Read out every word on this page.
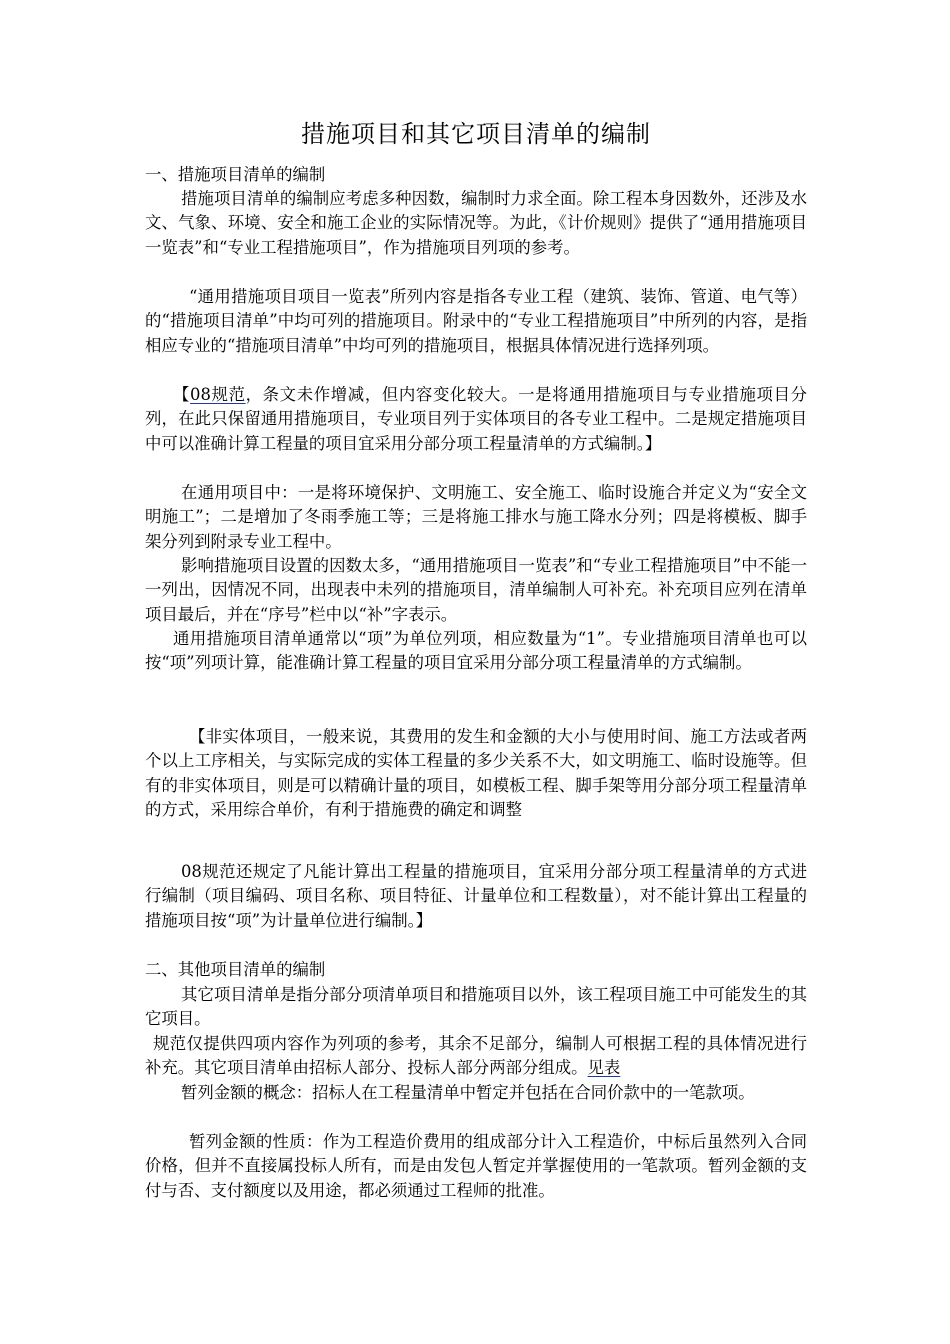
措施项目和其它项目清单的编制

一、措施项目清单的编制

措施项目清单的编制应考虑多种因数，编制时力求全面。除工程本身因数外，还涉及水文、气象、环境、安全和施工企业的实际情况等。为此，《计价规则》提供了“通用措施项目一览表”和“专业工程措施项目”，作为措施项目列项的参考。

“通用措施项目项目一览表”所列内容是指各专业工程（建筑、装饰、管道、电气等）的“措施项目清单”中均可列的措施项目。附录中的“专业工程措施项目”中所列的内容，是指相应专业的“措施项目清单”中均可列的措施项目，根据具体情况进行选择列项。

【08规范，条文未作增减，但内容变化较大。一是将通用措施项目与专业措施项目分列，在此只保留通用措施项目，专业项目列于实体项目的各专业工程中。二是规定措施项目中可以准确计算工程量的项目宜采用分部分项工程量清单的方式编制。】

在通用项目中：一是将环境保护、文明施工、安全施工、临时设施合并定义为“安全文明施工”；二是增加了冬雨季施工等；三是将施工排水与施工降水分列；四是将模板、脚手架分列到附录专业工程中。

影响措施项目设置的因数太多，“通用措施项目一览表”和“专业工程措施项目”中不能一一列出，因情况不同，出现表中未列的措施项目，清单编制人可补充。补充项目应列在清单项目最后，并在“序号”栏中以“补”字表示。

通用措施项目清单通常以“项”为单位列项，相应数量为“1”。专业措施项目清单也可以按“项”列项计算，能准确计算工程量的项目宜采用分部分项工程量清单的方式编制。

【非实体项目，一般来说，其费用的发生和金额的大小与使用时间、施工方法或者两个以上工序相关，与实际完成的实体工程量的多少关系不大，如文明施工、临时设施等。但有的非实体项目，则是可以精确计量的项目，如模板工程、脚手架等用分部分项工程量清单的方式，采用综合单价，有利于措施费的确定和调整

08规范还规定了凡能计算出工程量的措施项目，宜采用分部分项工程量清单的方式进行编制（项目编码、项目名称、项目特征、计量单位和工程数量），对不能计算出工程量的措施项目按“项”为计量单位进行编制。】

二、其他项目清单的编制

其它项目清单是指分部分项清单项目和措施项目以外，该工程项目施工中可能发生的其它项目。

规范仅提供四项内容作为列项的参考，其余不足部分，编制人可根据工程的具体情况进行补充。其它项目清单由招标人部分、投标人部分两部分组成。见表

暂列金额的概念：招标人在工程量清单中暂定并包括在合同价款中的一笔款项。

暂列金额的性质：作为工程造价费用的组成部分计入工程造价，中标后虽然列入合同价格，但并不直接属投标人所有，而是由发包人暂定并掌握使用的一笔款项。暂列金额的支付与否、支付额度以及用途，都必须通过工程师的批准。
